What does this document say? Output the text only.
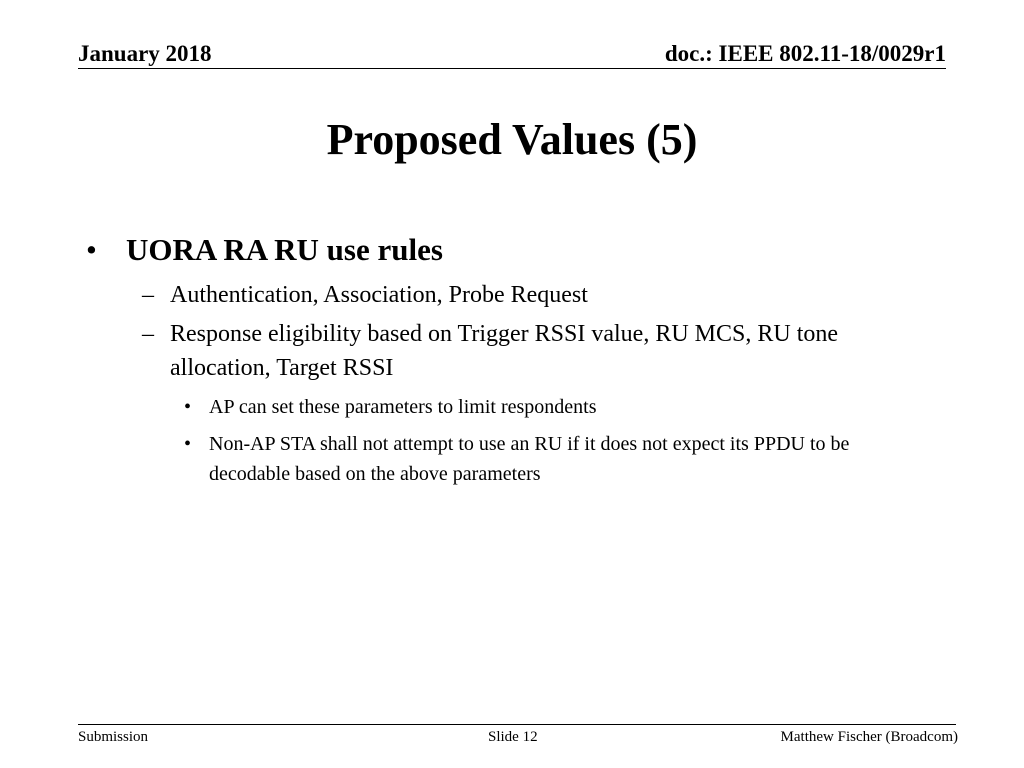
January 2018	doc.: IEEE 802.11-18/0029r1
Proposed Values (5)
• UORA RA RU use rules
– Authentication, Association, Probe Request
– Response eligibility based on Trigger RSSI value, RU MCS, RU tone allocation, Target RSSI
• AP can set these parameters to limit respondents
• Non-AP STA shall not attempt to use an RU if it does not expect its PPDU to be decodable based on the above parameters
Submission	Slide 12	Matthew Fischer (Broadcom)
